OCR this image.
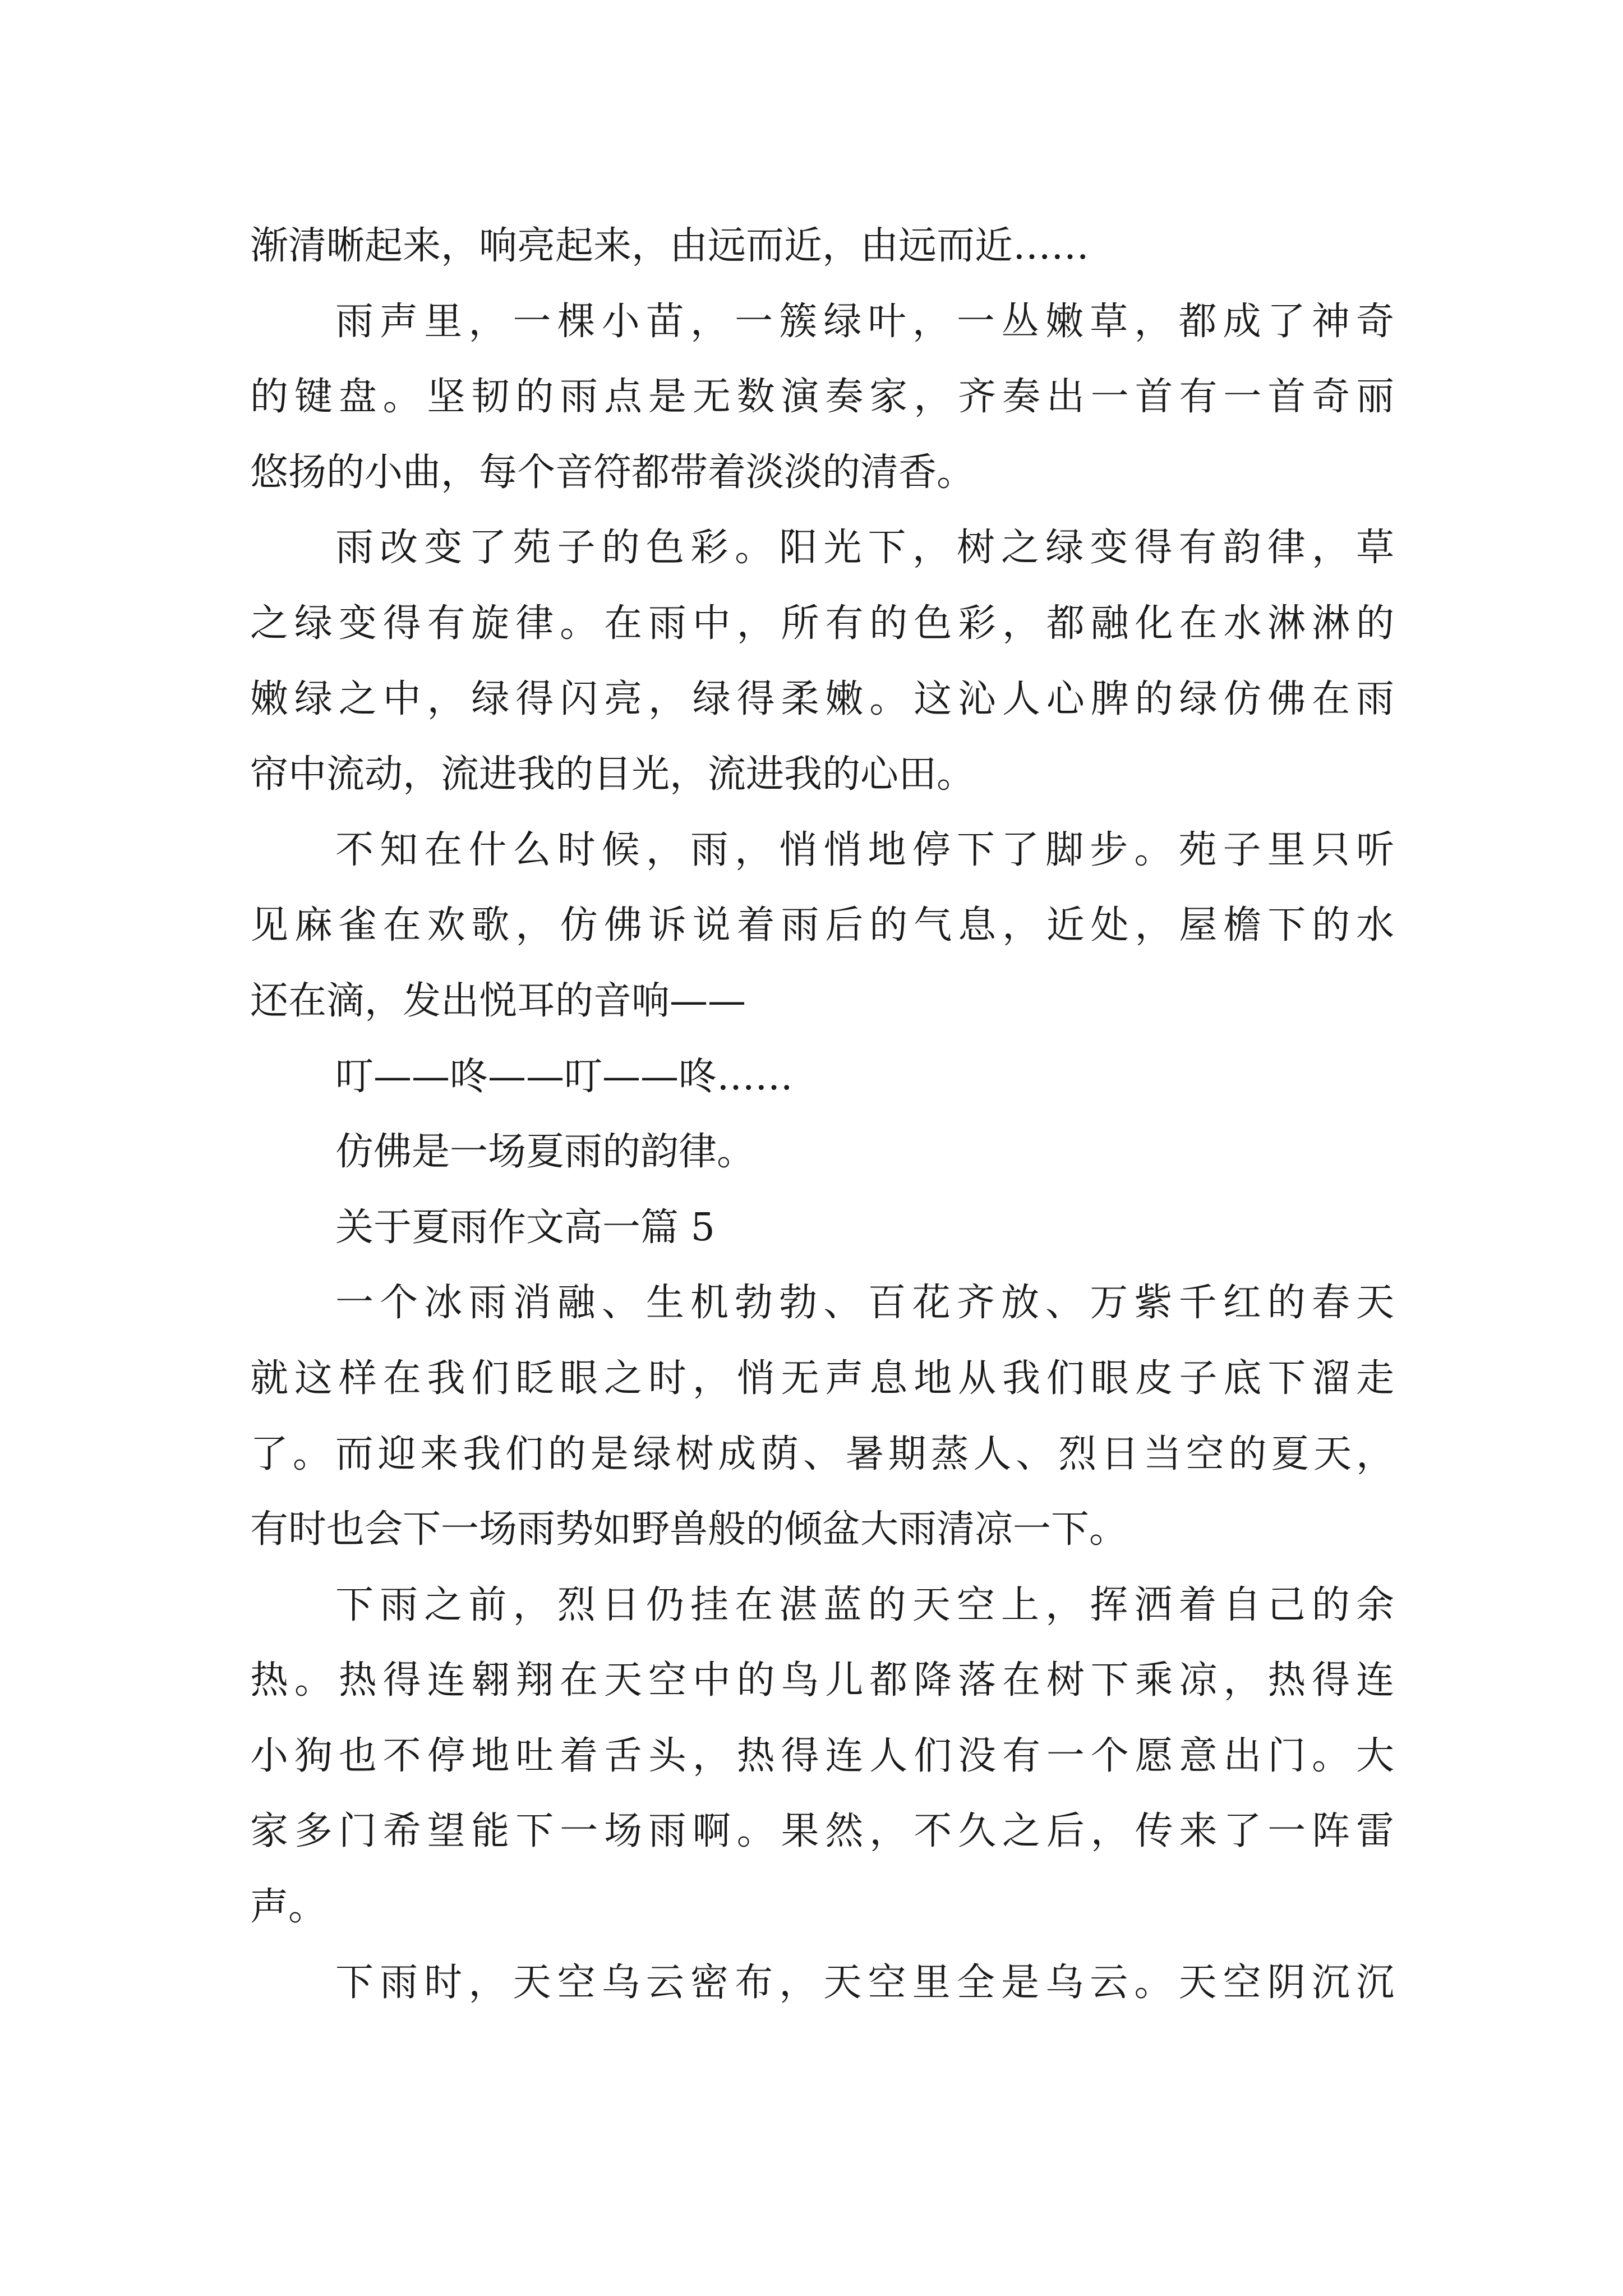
渐清晰起来，响亮起来，由远而近，由远而近……
雨声里，一棵小苗，一簇绿叶，一丛嫩草，都成了神奇
的键盘。坚韧的雨点是无数演奏家，齐奏出一首有一首奇丽
悠扬的小曲，每个音符都带着淡淡的清香。
雨改变了苑子的色彩。阳光下，树之绿变得有韵律，草
之绿变得有旋律。在雨中，所有的色彩，都融化在水淋淋的
嫩绿之中，绿得闪亮，绿得柔嫩。这沁人心脾的绿仿佛在雨
帘中流动，流进我的目光，流进我的心田。
不知在什么时候，雨，悄悄地停下了脚步。苑子里只听
见麻雀在欢歌，仿佛诉说着雨后的气息，近处，屋檐下的水
还在滴，发出悦耳的音响——
叮——咚——叮——咚……
仿佛是一场夏雨的韵律。
关于夏雨作文高一篇 5
一个冰雨消融、生机勃勃、百花齐放、万紫千红的春天
就这样在我们眨眼之时，悄无声息地从我们眼皮子底下溜走
了。而迎来我们的是绿树成荫、暑期蒸人、烈日当空的夏天，
有时也会下一场雨势如野兽般的倾盆大雨清凉一下。
下雨之前，烈日仍挂在湛蓝的天空上，挥洒着自己的余
热。热得连翱翔在天空中的鸟儿都降落在树下乘凉，热得连
小狗也不停地吐着舌头，热得连人们没有一个愿意出门。大
家多门希望能下一场雨啊。果然，不久之后，传来了一阵雷
声。
下雨时，天空乌云密布，天空里全是乌云。天空阴沉沉
